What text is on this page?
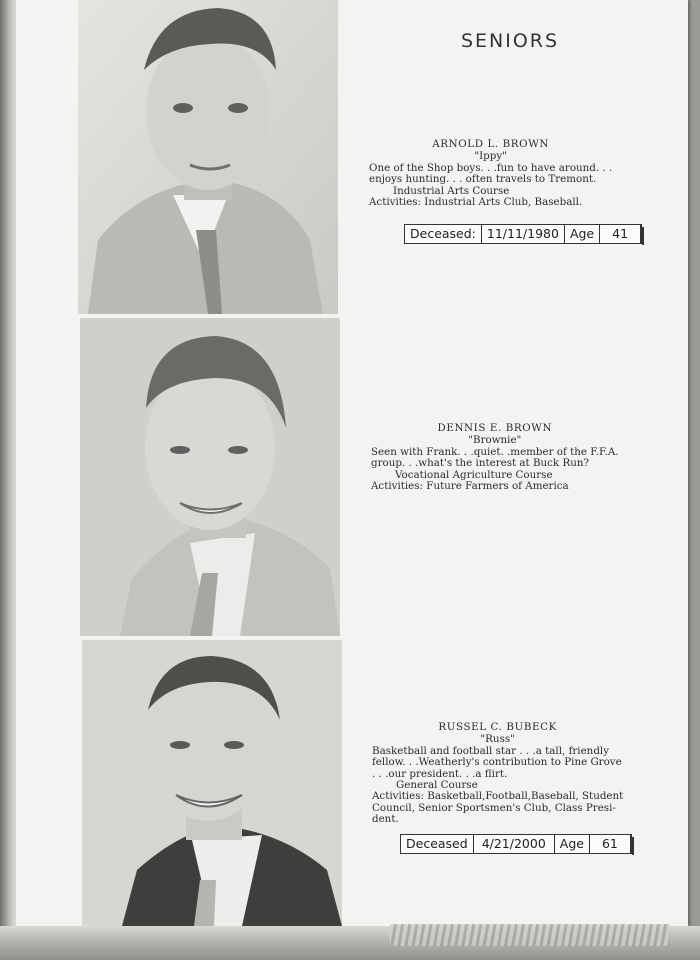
SENIORS
ARNOLD L. BROWN
"Ippy"
One of the Shop boys. . .fun to have around. . .
enjoys hunting. . . often travels to Tremont.
Industrial Arts Course
Activities: Industrial Arts Club, Baseball.
Deceased: 11/11/1980 Age	41
DENNIS E. BROWN
"Brownie"
Seen with Frank. . .quiet. .member of the F.F.A.
group. . .what's the interest at Buck Run?
Vocational Agriculture Course
Activities: Future Farmers of America
RUSSEL C. BUBECK
"Russ"
Basketball and football star . . .a tall, friendly
fellow. . .Weatherly's contribution to Pine Grove
. . .our president. . .a flirt.
General Course
Activities: Basketball,Football,Baseball, Student
Council, Senior Sportsmen's Club, Class Presi-
dent.
Deceased	4/21/2000	Age	61
